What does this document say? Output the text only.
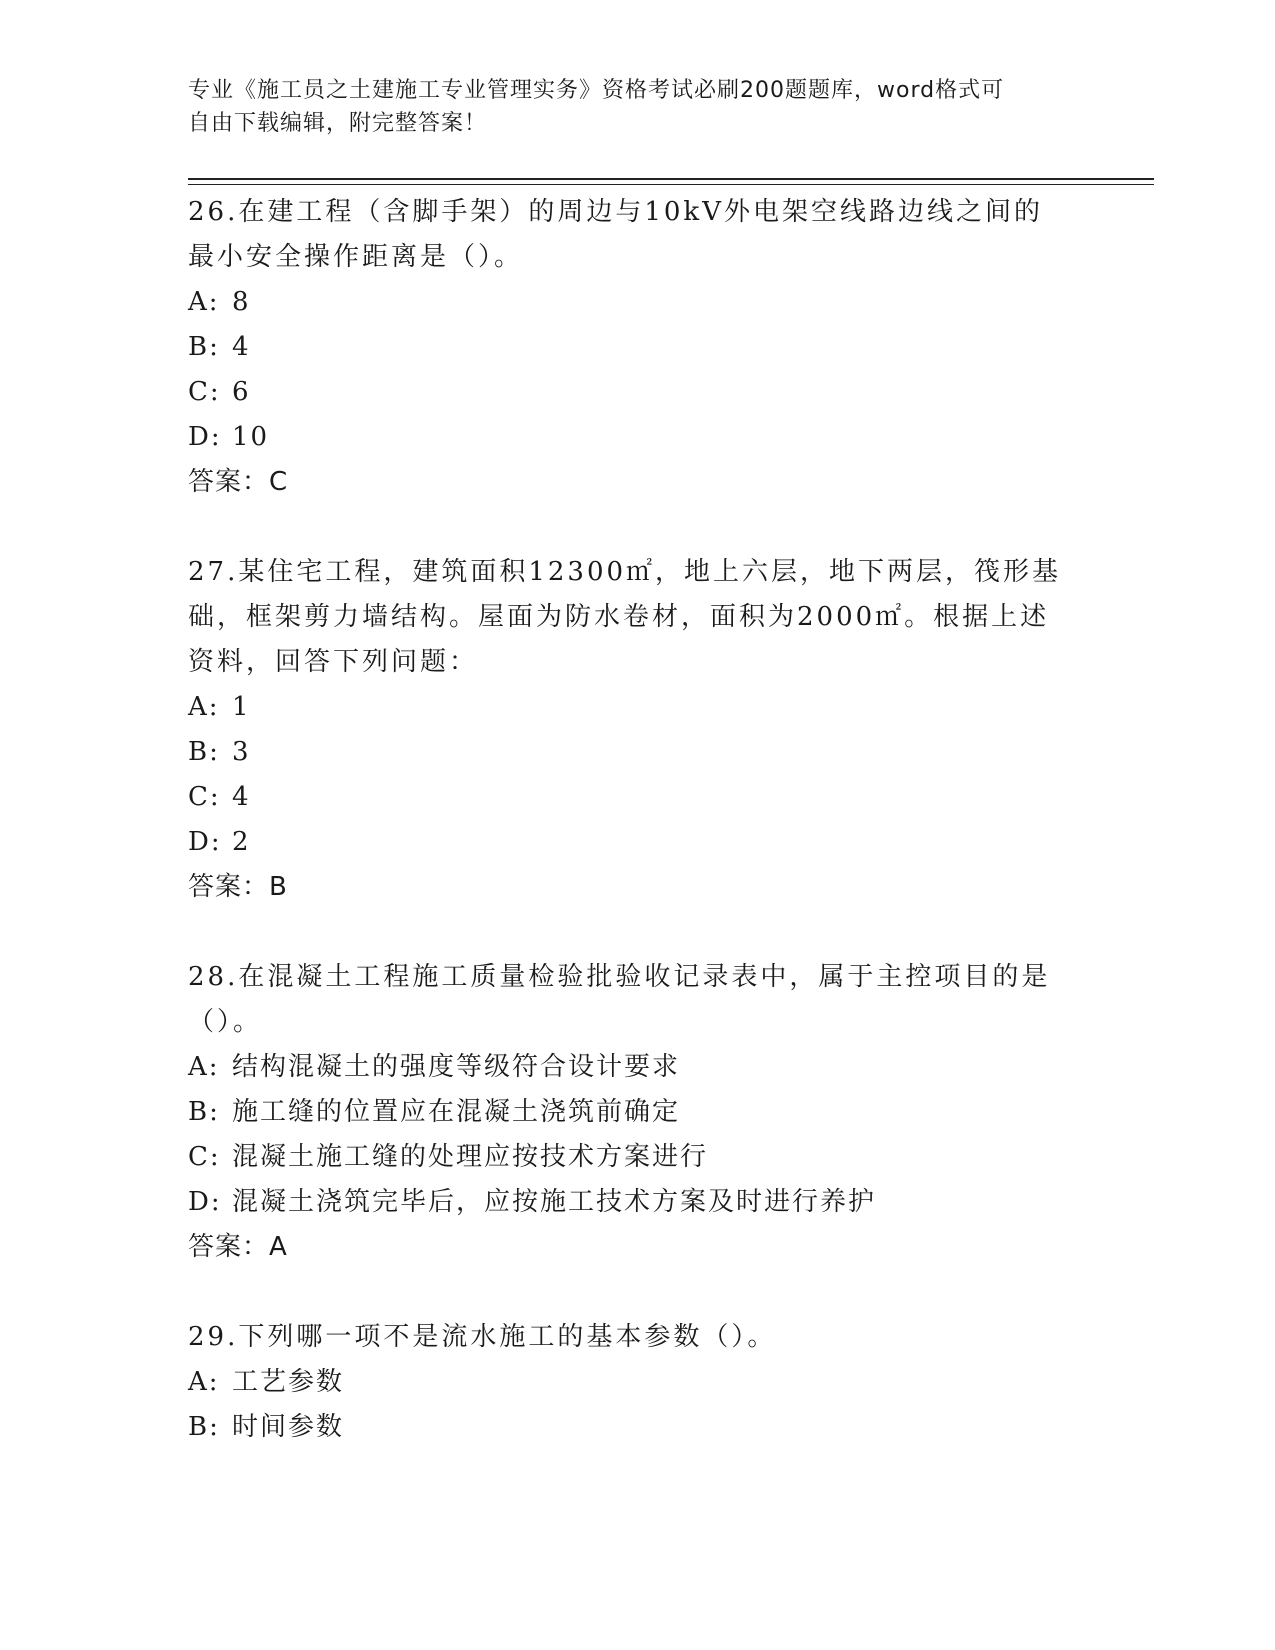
专业《施工员之土建施工专业管理实务》资格考试必刷200题题库，word格式可
自由下载编辑，附完整答案！
26.在建工程（含脚手架）的周边与10kV外电架空线路边线之间的最小安全操作距离是（）。
A: 8
B: 4
C: 6
D: 10
答案：C
27.某住宅工程，建筑面积12300㎡，地上六层，地下两层，筏形基础，框架剪力墙结构。屋面为防水卷材，面积为2000㎡。根据上述资料，回答下列问题：
A: 1
B: 3
C: 4
D: 2
答案：B
28.在混凝土工程施工质量检验批验收记录表中，属于主控项目的是（）。
A: 结构混凝土的强度等级符合设计要求
B: 施工缝的位置应在混凝土浇筑前确定
C: 混凝土施工缝的处理应按技术方案进行
D: 混凝土浇筑完毕后，应按施工技术方案及时进行养护
答案：A
29.下列哪一项不是流水施工的基本参数（）。
A: 工艺参数
B: 时间参数
